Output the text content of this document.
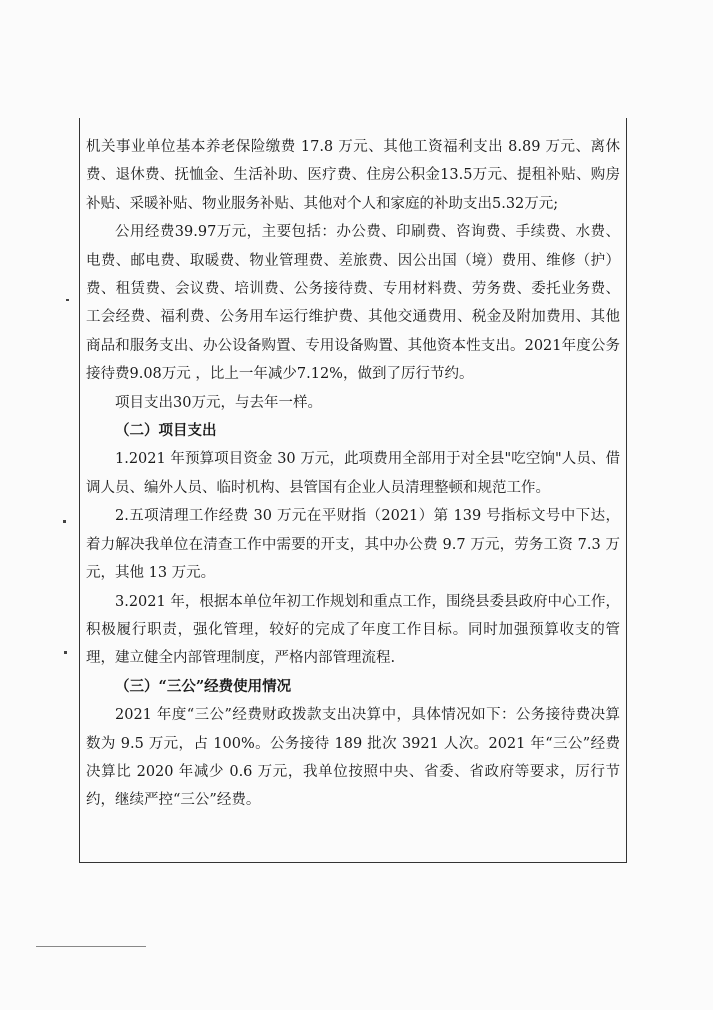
机关事业单位基本养老保险缴费 17.8 万元、其他工资福利支出 8.89 万元、离休费、退休费、抚恤金、生活补助、医疗费、住房公积金13.5万元、提租补贴、购房补贴、采暖补贴、物业服务补贴、其他对个人和家庭的补助支出5.32万元;

公用经费39.97万元，主要包括：办公费、印刷费、咨询费、手续费、水费、电费、邮电费、取暖费、物业管理费、差旅费、因公出国（境）费用、维修（护）费、租赁费、会议费、培训费、公务接待费、专用材料费、劳务费、委托业务费、工会经费、福利费、公务用车运行维护费、其他交通费用、税金及附加费用、其他商品和服务支出、办公设备购置、专用设备购置、其他资本性支出。2021年度公务接待费9.08万元 ，比上一年减少7.12%，做到了厉行节约。

项目支出30万元，与去年一样。

（二）项目支出

1.2021 年预算项目资金 30 万元，此项费用全部用于对全县"吃空饷"人员、借调人员、编外人员、临时机构、县管国有企业人员清理整顿和规范工作。

2.五项清理工作经费 30 万元在平财指（2021）第 139 号指标文号中下达，着力解决我单位在清查工作中需要的开支，其中办公费 9.7 万元，劳务工资 7.3 万元，其他 13 万元。

3.2021 年，根据本单位年初工作规划和重点工作，围绕县委县政府中心工作，积极履行职责，强化管理，较好的完成了年度工作目标。同时加强预算收支的管理，建立健全内部管理制度，严格内部管理流程.

（三）“三公”经费使用情况

2021 年度“三公”经费财政拨款支出决算中，具体情况如下：公务接待费决算数为 9.5 万元，占 100%。公务接待 189 批次 3921 人次。2021 年“三公”经费决算比 2020 年减少 0.6 万元，我单位按照中央、省委、省政府等要求，厉行节约，继续严控“三公”经费。
